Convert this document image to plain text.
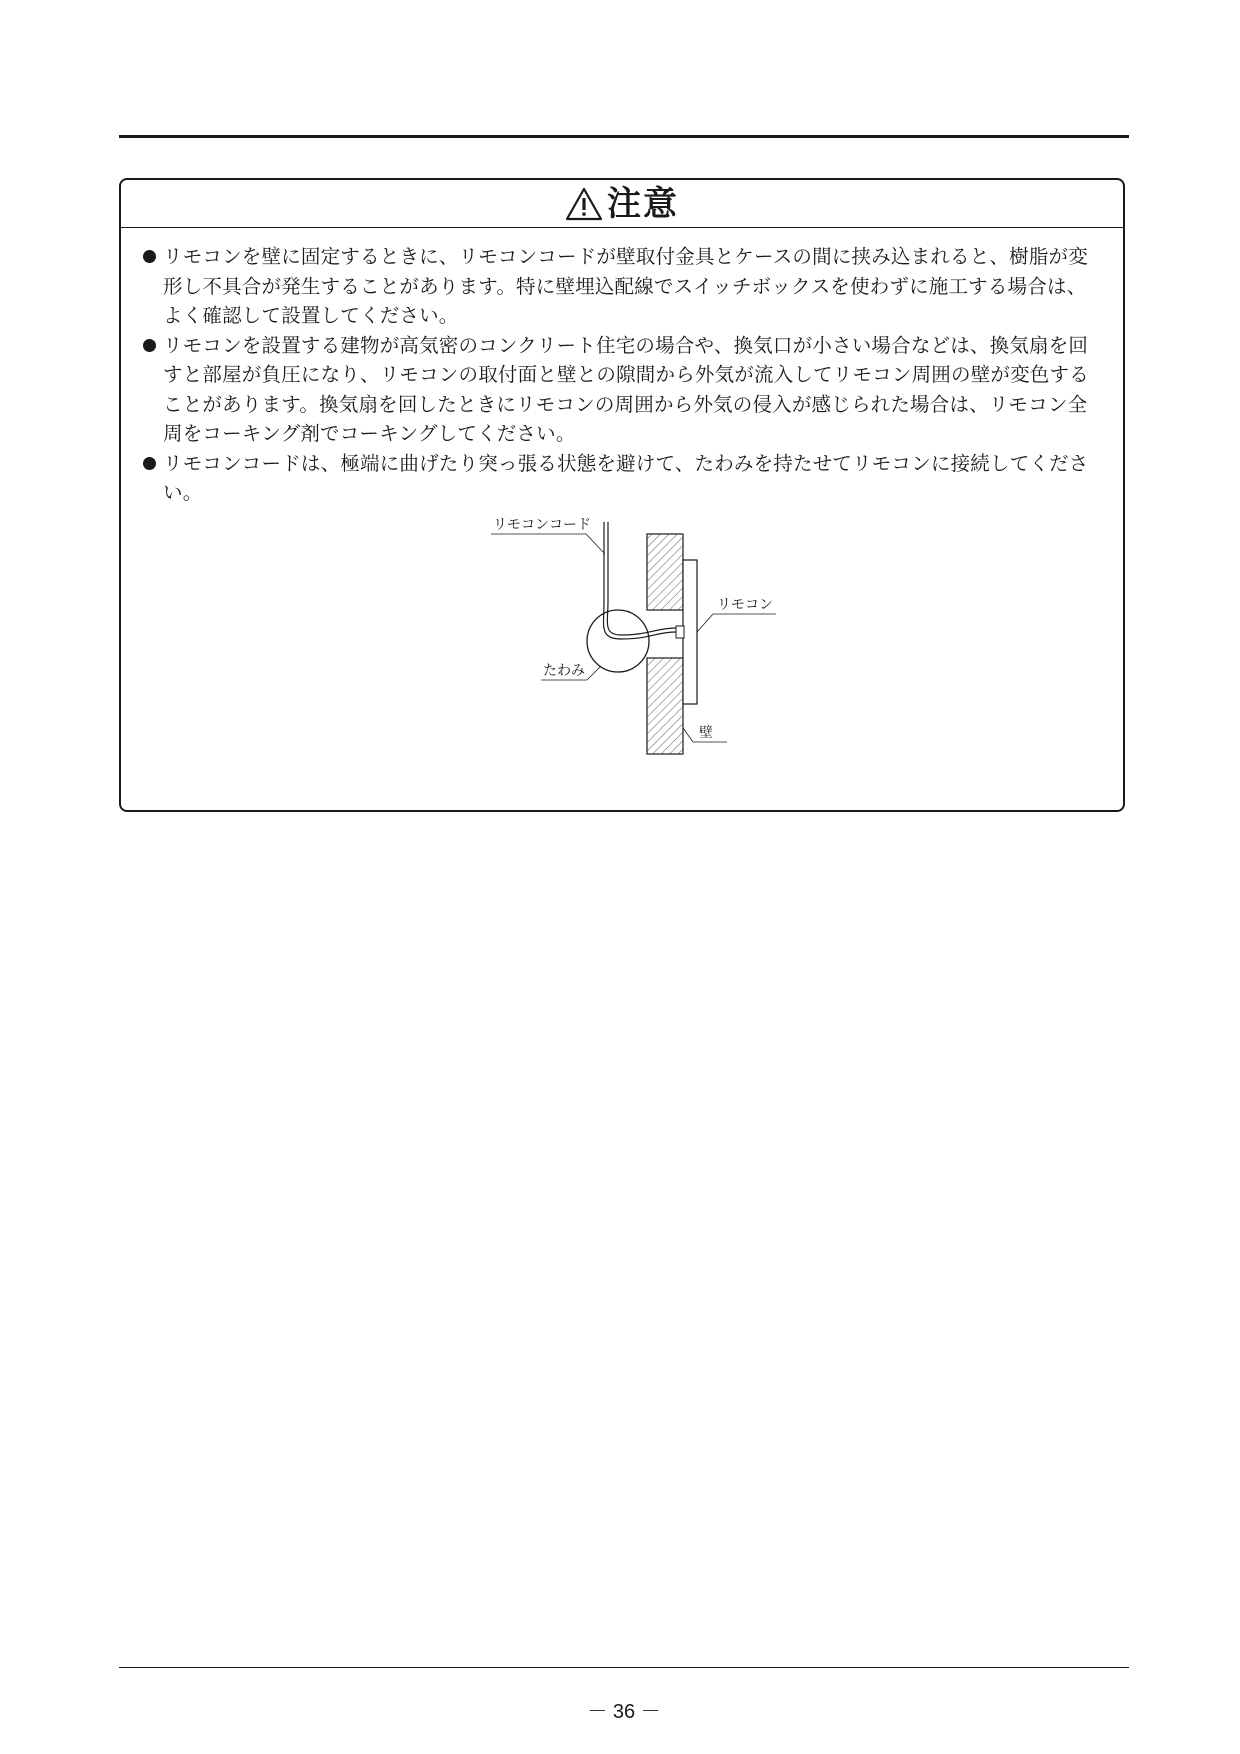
注意
リモコンを壁に固定するときに、リモコンコードが壁取付金具とケースの間に挟み込まれると、樹脂が変形し不具合が発生することがあります。特に壁埋込配線でスイッチボックスを使わずに施工する場合は、よく確認して設置してください。
リモコンを設置する建物が高気密のコンクリート住宅の場合や、換気口が小さい場合などは、換気扇を回すと部屋が負圧になり、リモコンの取付面と壁との隙間から外気が流入してリモコン周囲の壁が変色することがあります。換気扇を回したときにリモコンの周囲から外気の侵入が感じられた場合は、リモコン全周をコーキング剤でコーキングしてください。
リモコンコードは、極端に曲げたり突っ張る状態を避けて、たわみを持たせてリモコンに接続してください。
リモコンコード
リモコン
たわみ
壁
－ 36 －
